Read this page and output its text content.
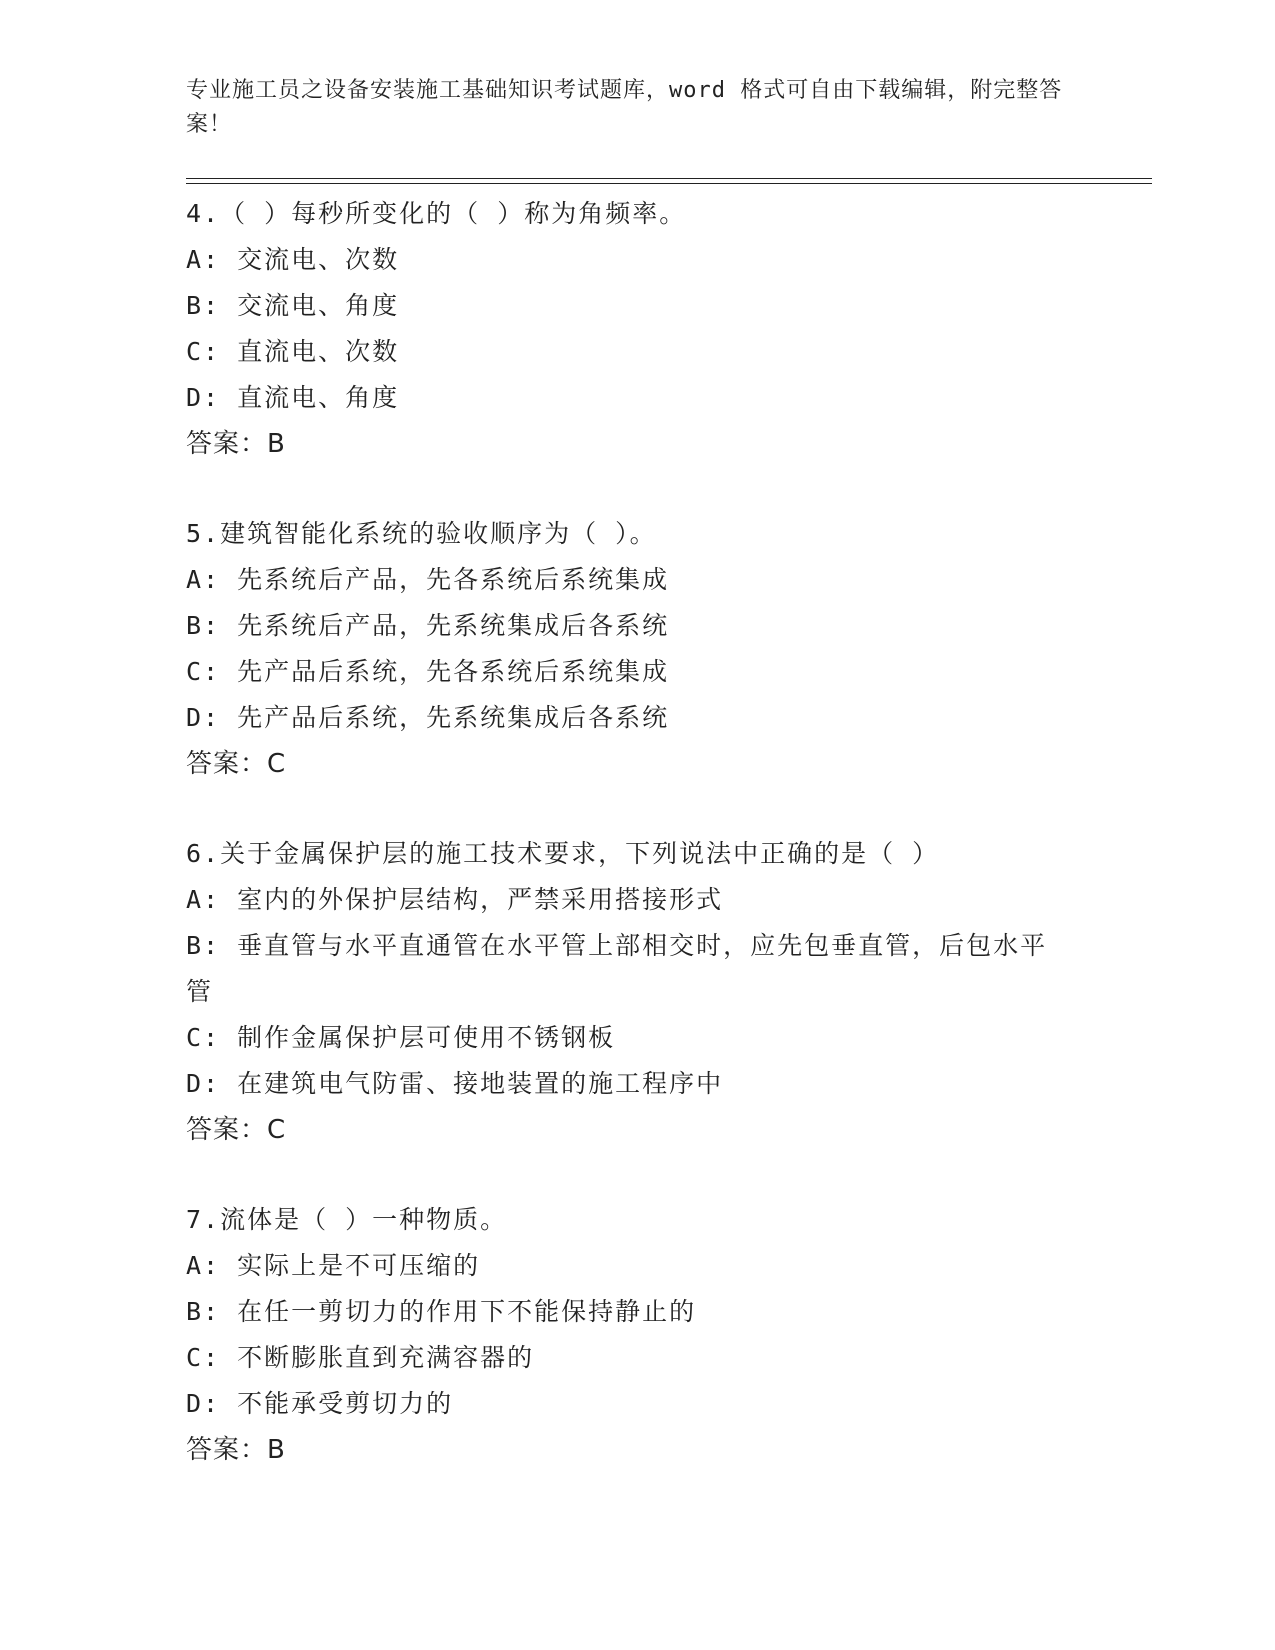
专业施工员之设备安装施工基础知识考试题库，word 格式可自由下载编辑，附完整答案！
4.（ ）每秒所变化的（ ）称为角频率。
A: 交流电、次数
B: 交流电、角度
C: 直流电、次数
D: 直流电、角度
答案：B
5.建筑智能化系统的验收顺序为（ ）。
A: 先系统后产品，先各系统后系统集成
B: 先系统后产品，先系统集成后各系统
C: 先产品后系统，先各系统后系统集成
D: 先产品后系统，先系统集成后各系统
答案：C
6.关于金属保护层的施工技术要求，下列说法中正确的是（ ）
A: 室内的外保护层结构，严禁采用搭接形式
B: 垂直管与水平直通管在水平管上部相交时，应先包垂直管，后包水平管
C: 制作金属保护层可使用不锈钢板
D: 在建筑电气防雷、接地装置的施工程序中
答案：C
7.流体是（ ）一种物质。
A: 实际上是不可压缩的
B: 在任一剪切力的作用下不能保持静止的
C: 不断膨胀直到充满容器的
D: 不能承受剪切力的
答案：B
